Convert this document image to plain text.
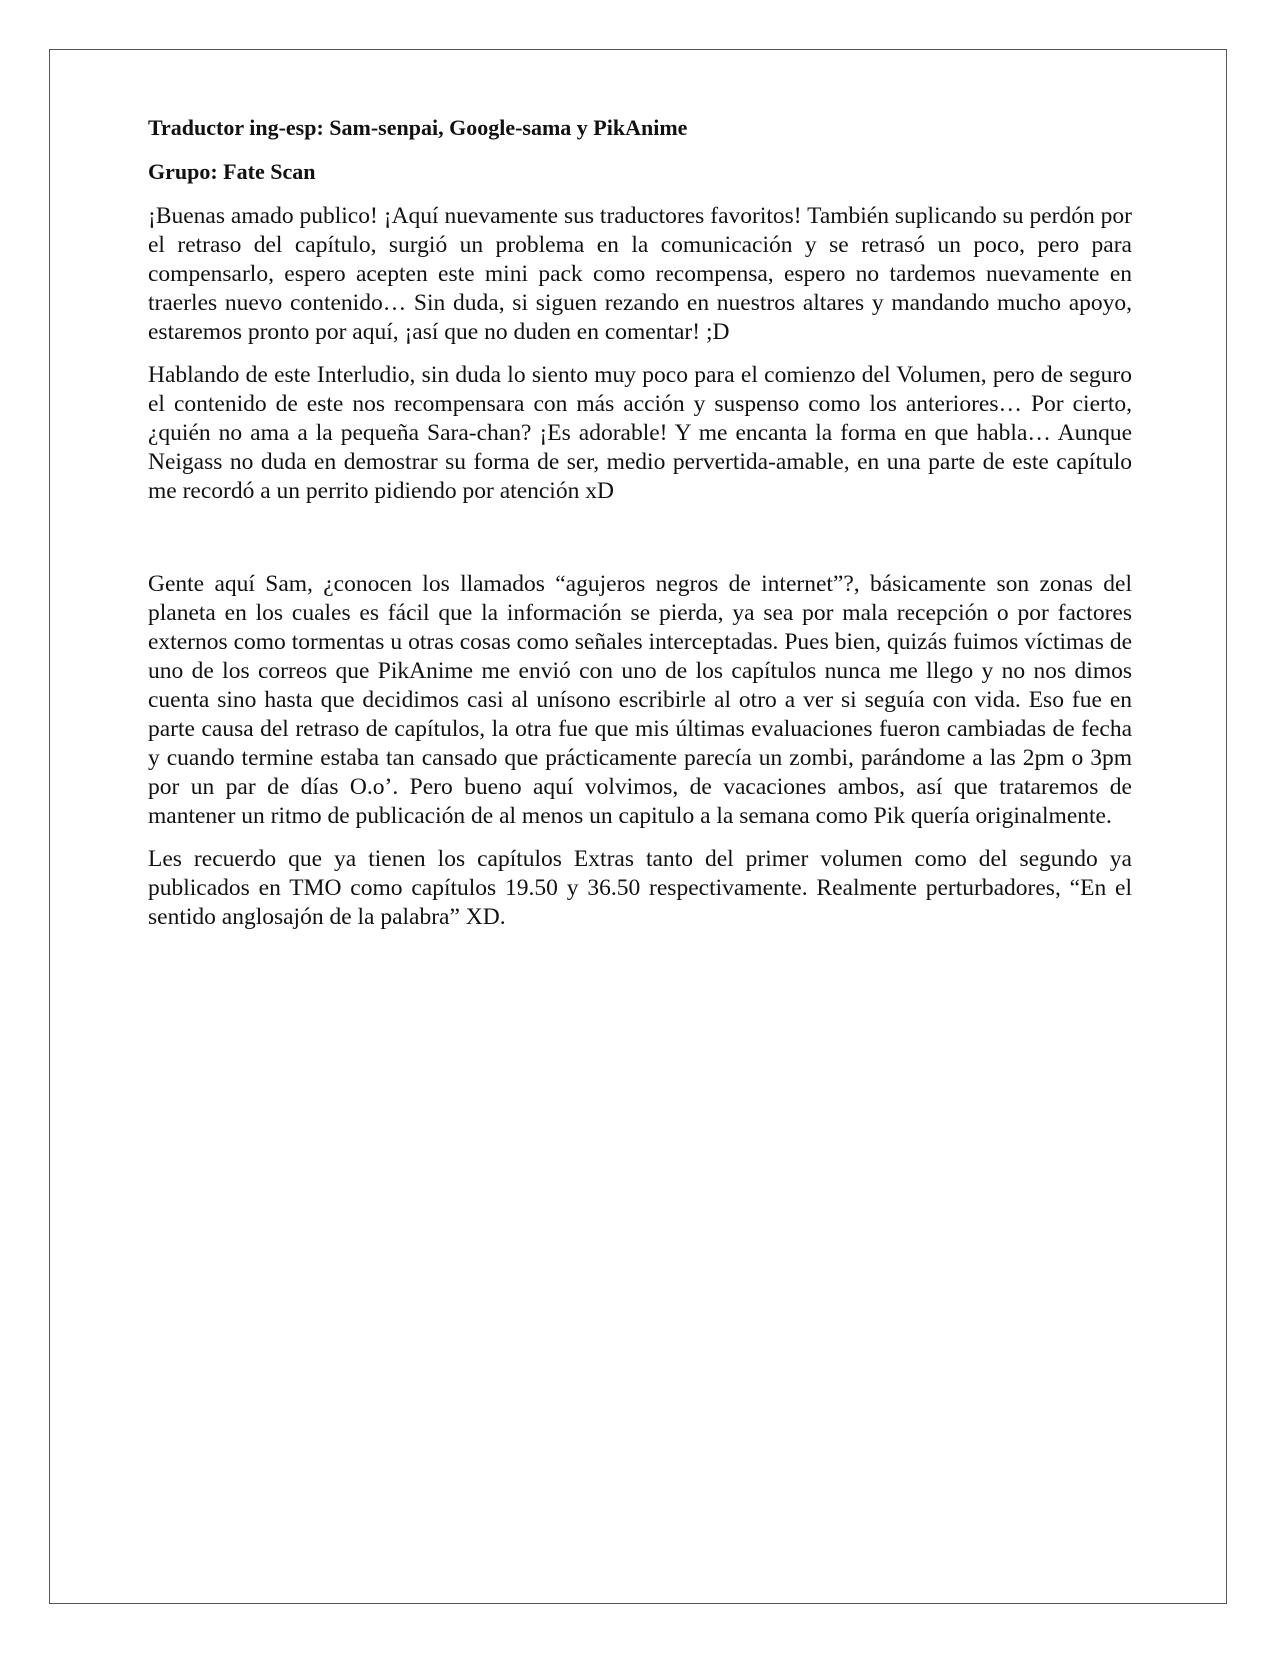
Traductor ing-esp: Sam-senpai, Google-sama y PikAnime

Grupo: Fate Scan

¡Buenas amado publico! ¡Aquí nuevamente sus traductores favoritos! También suplicando su perdón por el retraso del capítulo, surgió un problema en la comunicación y se retrasó un poco, pero para compensarlo, espero acepten este mini pack como recompensa, espero no tardemos nuevamente en traerles nuevo contenido… Sin duda, si siguen rezando en nuestros altares y mandando mucho apoyo, estaremos pronto por aquí, ¡así que no duden en comentar! ;D

Hablando de este Interludio, sin duda lo siento muy poco para el comienzo del Volumen, pero de seguro el contenido de este nos recompensara con más acción y suspenso como los anteriores… Por cierto, ¿quién no ama a la pequeña Sara-chan? ¡Es adorable! Y me encanta la forma en que habla… Aunque Neigass no duda en demostrar su forma de ser, medio pervertida-amable, en una parte de este capítulo me recordó a un perrito pidiendo por atención xD

Gente aquí Sam, ¿conocen los llamados “agujeros negros de internet”?, básicamente son zonas del planeta en los cuales es fácil que la información se pierda, ya sea por mala recepción o por factores externos como tormentas u otras cosas como señales interceptadas. Pues bien, quizás fuimos víctimas de uno de los correos que PikAnime me envió con uno de los capítulos nunca me llego y no nos dimos cuenta sino hasta que decidimos casi al unísono escribirle al otro a ver si seguía con vida. Eso fue en parte causa del retraso de capítulos, la otra fue que mis últimas evaluaciones fueron cambiadas de fecha y cuando termine estaba tan cansado que prácticamente parecía un zombi, parándome a las 2pm o 3pm por un par de días O.o’. Pero bueno aquí volvimos, de vacaciones ambos, así que trataremos de mantener un ritmo de publicación de al menos un capitulo a la semana como Pik quería originalmente.

Les recuerdo que ya tienen los capítulos Extras tanto del primer volumen como del segundo ya publicados en TMO como capítulos 19.50 y 36.50 respectivamente. Realmente perturbadores, “En el sentido anglosajón de la palabra” XD.
